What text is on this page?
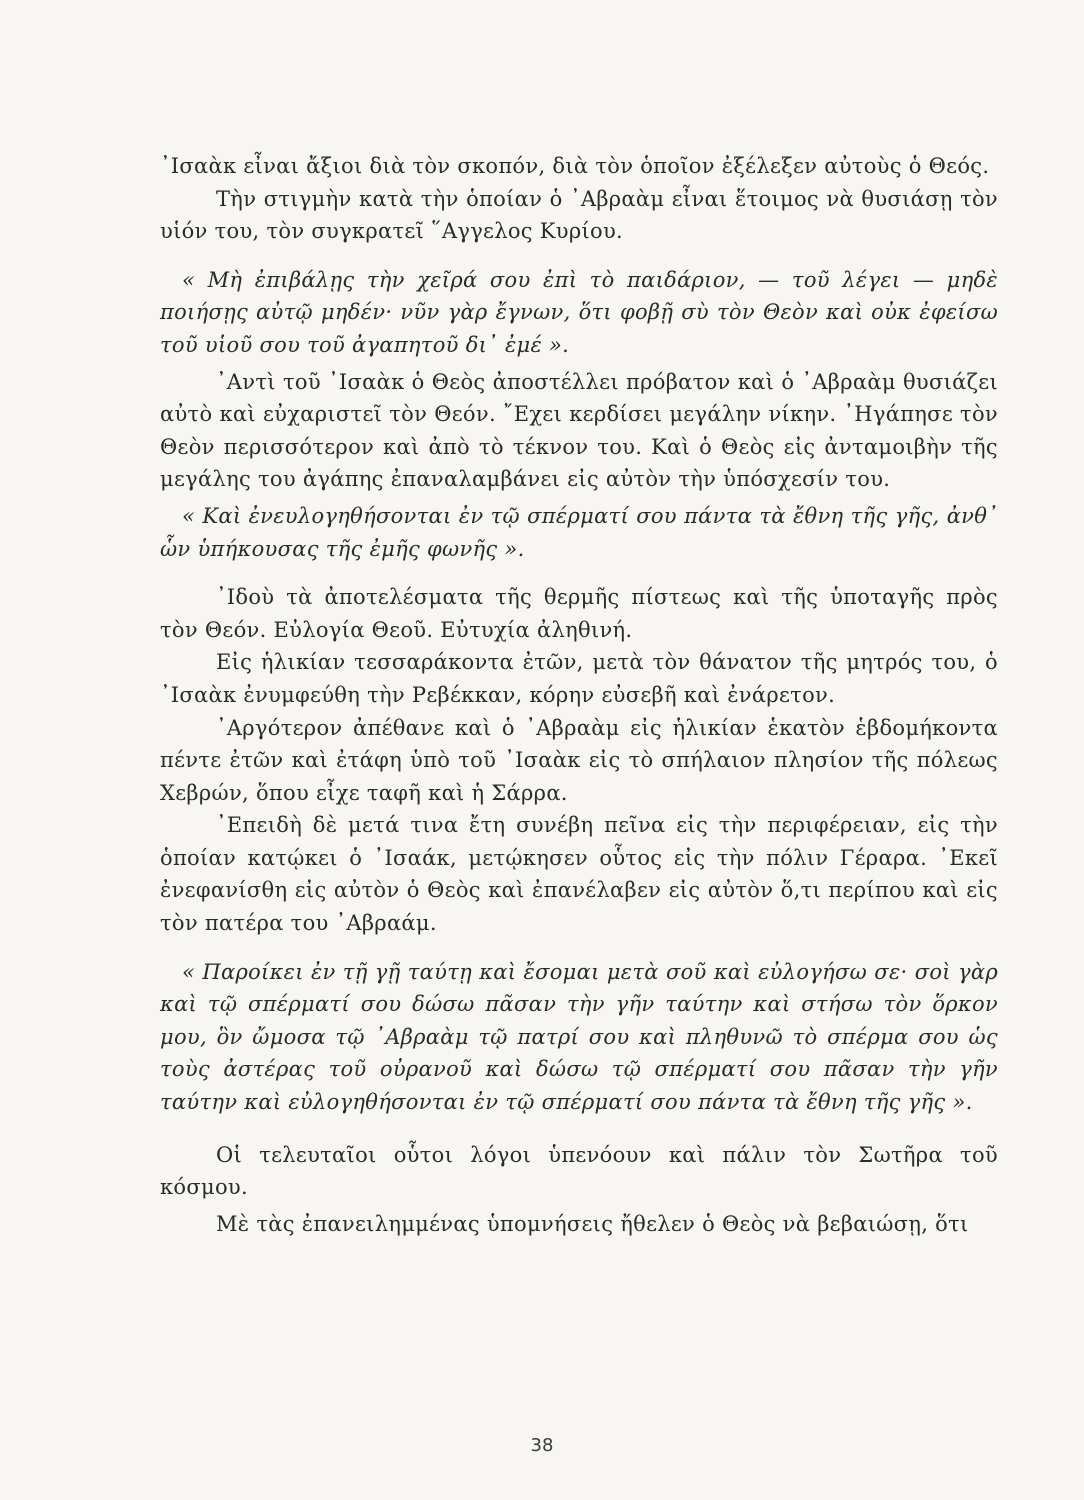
᾿Ισαὰκ εἶναι ἄξιοι διὰ τὸν σκοπόν, διὰ τὸν ὁποῖον ἐξέλεξεν αὐτοὺς ὁ Θεός.

Τὴν στιγμὴν κατὰ τὴν ὁποίαν ὁ ᾿Αβραὰμ εἶναι ἕτοιμος νὰ θυσιάσῃ τὸν υἱόν του, τὸν συγκρατεῖ ῞Αγγελος Κυρίου.

« Μὴ ἐπιβάλῃς τὴν χεῖρά σου ἐπὶ τὸ παιδάριον, — τοῦ λέγει — μηδὲ ποιήσῃς αὐτῷ μηδέν· νῦν γὰρ ἔγνων, ὅτι φοβῇ σὺ τὸν Θεὸν καὶ οὐκ ἐφείσω τοῦ υἱοῦ σου τοῦ ἀγαπητοῦ δι᾿ ἐμέ ».

᾿Αντὶ τοῦ ᾿Ισαὰκ ὁ Θεὸς ἀποστέλλει πρόβατον καὶ ὁ ᾿Αβραὰμ θυσιάζει αὐτὸ καὶ εὐχαριστεῖ τὸν Θεόν. ῎Εχει κερδίσει μεγάλην νίκην. ᾿Ηγάπησε τὸν Θεὸν περισσότερον καὶ ἀπὸ τὸ τέκνον του. Καὶ ὁ Θεὸς εἰς ἀνταμοιβὴν τῆς μεγάλης του ἀγάπης ἐπαναλαμβάνει εἰς αὐτὸν τὴν ὑπόσχεσίν του.

« Καὶ ἐνευλογηθήσονται ἐν τῷ σπέρματί σου πάντα τὰ ἔθνη τῆς γῆς, ἀνθ᾿ ὧν ὑπήκουσας τῆς ἐμῆς φωνῆς ».

᾿Ιδοὺ τὰ ἀποτελέσματα τῆς θερμῆς πίστεως καὶ τῆς ὑποταγῆς πρὸς τὸν Θεόν. Εὐλογία Θεοῦ. Εὐτυχία ἀληθινή.

Εἰς ἡλικίαν τεσσαράκοντα ἐτῶν, μετὰ τὸν θάνατον τῆς μητρός του, ὁ ᾿Ισαὰκ ἐνυμφεύθη τὴν Ρεβέκκαν, κόρην εὐσεβῆ καὶ ἐνάρετον.

᾿Αργότερον ἀπέθανε καὶ ὁ ᾿Αβραὰμ εἰς ἡλικίαν ἑκατὸν ἑβδομήκοντα πέντε ἐτῶν καὶ ἐτάφη ὑπὸ τοῦ ᾿Ισαὰκ εἰς τὸ σπήλαιον πλησίον τῆς πόλεως Χεβρών, ὅπου εἶχε ταφῆ καὶ ἡ Σάρρα.

᾿Επειδὴ δὲ μετά τινα ἔτη συνέβη πεῖνα εἰς τὴν περιφέρειαν, εἰς τὴν ὁποίαν κατῴκει ὁ ᾿Ισαάκ, μετῴκησεν οὗτος εἰς τὴν πόλιν Γέραρα. ᾿Εκεῖ ἐνεφανίσθη εἰς αὐτὸν ὁ Θεὸς καὶ ἐπανέλαβεν εἰς αὐτὸν ὅ,τι περίπου καὶ εἰς τὸν πατέρα του ᾿Αβραάμ.

« Παροίκει ἐν τῇ γῇ ταύτῃ καὶ ἔσομαι μετὰ σοῦ καὶ εὐλογήσω σε· σοὶ γὰρ καὶ τῷ σπέρματί σου δώσω πᾶσαν τὴν γῆν ταύτην καὶ στήσω τὸν ὅρκον μου, ὃν ὤμοσα τῷ ᾿Αβραὰμ τῷ πατρί σου καὶ πληθυνῶ τὸ σπέρμα σου ὡς τοὺς ἀστέρας τοῦ οὐρανοῦ καὶ δώσω τῷ σπέρματί σου πᾶσαν τὴν γῆν ταύτην καὶ εὐλογηθήσονται ἐν τῷ σπέρματί σου πάντα τὰ ἔθνη τῆς γῆς ».

Οἱ τελευταῖοι οὗτοι λόγοι ὑπενόουν καὶ πάλιν τὸν Σωτῆρα τοῦ κόσμου.

Μὲ τὰς ἐπανειλημμένας ὑπομνήσεις ἤθελεν ὁ Θεὸς νὰ βεβαιώσῃ, ὅτι

38
